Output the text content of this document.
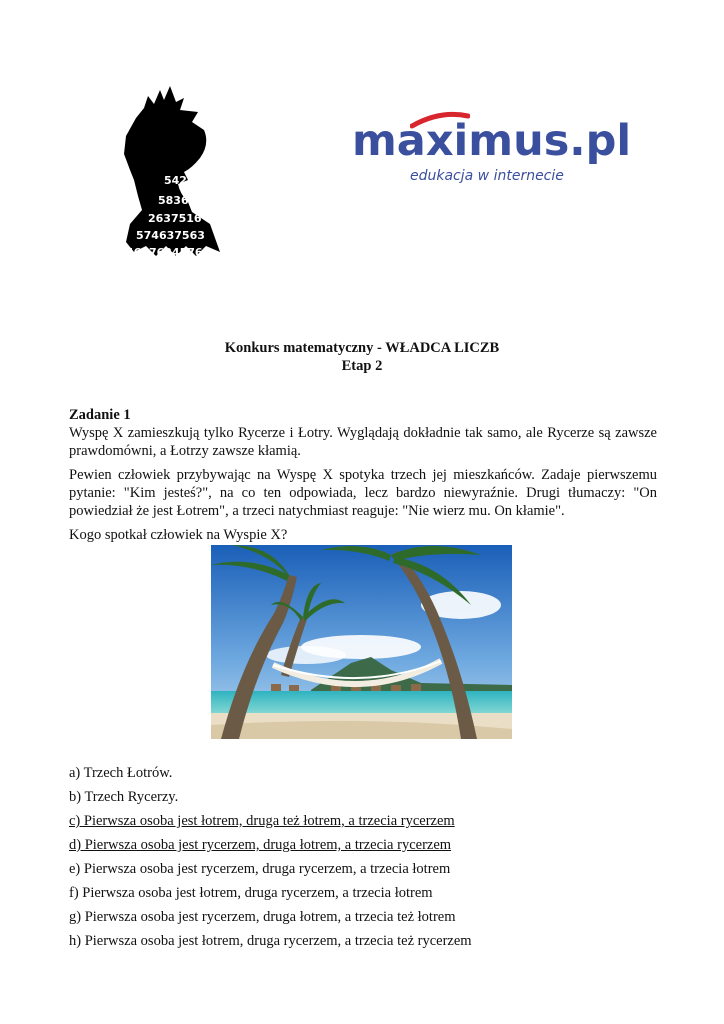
54235
583645
2637516
574637563
46576345765
maximus.pl
edukacja w internecie
Konkurs matematyczny - WŁADCA LICZB
Etap 2
Zadanie 1

Wyspę X zamieszkują tylko Rycerze i Łotry. Wyglądają dokładnie tak samo, ale Rycerze są zawsze prawdomówni, a Łotrzy zawsze kłamią.

Pewien człowiek przybywając na Wyspę X spotyka trzech jej mieszkańców. Zadaje pierwszemu pytanie: "Kim jesteś?", na co ten odpowiada, lecz bardzo niewyraźnie. Drugi tłumaczy: "On powiedział że jest Łotrem", a trzeci natychmiast reaguje: "Nie wierz mu. On kłamie".

Kogo spotkał człowiek na Wyspie X?

a) Trzech Łotrów.
b) Trzech Rycerzy.
c) Pierwsza osoba jest łotrem, druga też łotrem, a trzecia rycerzem
d) Pierwsza osoba jest rycerzem, druga łotrem, a trzecia rycerzem
e) Pierwsza osoba jest rycerzem, druga rycerzem, a trzecia łotrem
f) Pierwsza osoba jest łotrem, druga rycerzem, a trzecia łotrem
g) Pierwsza osoba jest rycerzem, druga łotrem, a trzecia też łotrem
h) Pierwsza osoba jest łotrem, druga rycerzem, a trzecia też rycerzem
